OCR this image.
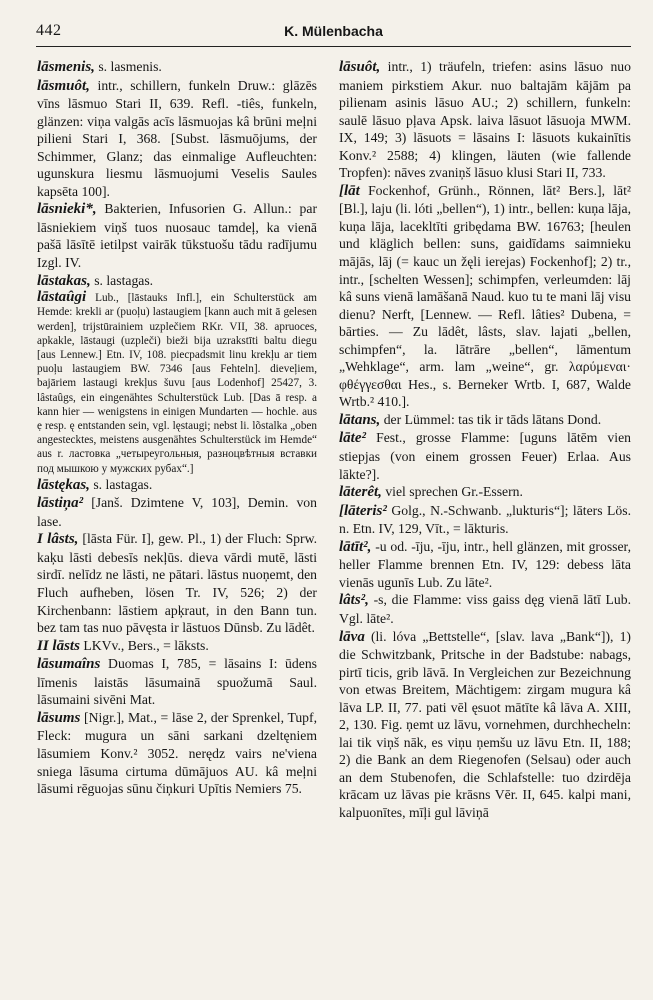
442	K. Mülenbacha

lāsmenis, s. lasmenis.

lāsmuôt, intr., schillern, funkeln Druw.: glāzēs vīns lāsmuo Stari II, 639. Refl. -tiês, funkeln, glänzen: viņa valgās acīs lāsmuojas kâ brūni meļni pilieni Stari I, 368. [Subst. lāsmuōjums, der Schimmer, Glanz; das einmalige Aufleuchten: ugunskura liesmu lāsmuojumi Veselis Saules kapsēta 100].

lāsnieki*, Bakterien, Infusorien G. Allun.: par lāsniekiem viņš tuos nuosauc tamdeļ, ka vienā pašā lāsītē ietilpst vairāk tūkstuošu tādu radījumu Izgl. IV.

lāstakas, s. lastagas.

lāstaûgi Lub., [lāstauks Infl.], ein Schulterstück am Hemde: krekli ar (puoļu) lastaugiem [kann auch mit ā gelesen werden], trijstūrainiem uzplečiem RKr. VII, 38. apruoces, apkakle, lāstaugi (uzpleči) bieži bija uzrakstīti baltu diegu [aus Lennew.] Etn. IV, 108. piecpadsmit linu krekļu ar tiem puoļu lastaugiem BW. 7346 [aus Fehteln]. dieveļiem, bajāriem lastaugi krekļus šuvu [aus Lodenhof] 25427, 3. lâstaûgs, ein eingenähtes Schulterstück Lub. [Das ā resp. a kann hier — wenigstens in einigen Mundarten — hochle. aus ẹ resp. ę entstanden sein, vgl. lęstaugi; nebst li. lõstalka „oben angestecktes, meistens ausgenähtes Schulterstück im Hemde“ aus r. ластовка „четыреугольныя, разноцвѣтныя вставки под мышкою у мужских рубах“.]

lāstękas, s. lastagas.

lāstiņa² [Janš. Dzimtene V, 103], Demin. von lase.

I lâsts, [lāsta Für. I], gew. Pl., 1) der Fluch: Sprw. kaķu lāsti debesīs nekļūs. dieva vārdi mutē, lāsti sirdī. nelīdz ne lāsti, ne pātari. lāstus nuoņemt, den Fluch aufheben, lösen Tr. IV, 526; 2) der Kirchenbann: lāstiem apķraut, in den Bann tun. bez tam tas nuo pāvęsta ir lāstuos Dūnsb. Zu lādêt.

II lāsts LKVv., Bers., = lāksts.

lāsumaîns Duomas I, 785, = lāsains I: ūdens līmenis laistās lāsumainā spuožumā Saul. lāsumaini sivēni Mat.

lāsums [Nigr.], Mat., = lāse 2, der Sprenkel, Tupf, Fleck: mugura un sāni sarkani dzeltęniem lāsumiem Konv.² 3052. nerędz vairs ne'viena sniega lāsuma cirtuma dūmājuos AU. kâ meļni lāsumi rēguojas sūnu čiņkuri Upītis Nemiers 75.

lāsuôt, intr., 1) träufeln, triefen: asins lāsuo nuo maniem pirkstiem Akur. nuo baltajām kājām pa pilienam asinis lāsuo AU.; 2) schillern, funkeln: saulē lāsuo pļava Apsk. laiva lāsuot lāsuoja MWM. IX, 149; 3) lāsuots = lāsains I: lāsuots kukainītis Konv.² 2588; 4) klingen, läuten (wie fallende Tropfen): nāves zvaniņš lāsuo klusi Stari II, 733.

[lāt Fockenhof, Grünh., Rönnen, lāt² Bers.], lāt² [Bl.], laju (li. lóti „bellen“), 1) intr., bellen: kuņa lāja, kuņa lāja, lacekltīti gribędama BW. 16763; [heulen und kläglich bellen: suns, gaidīdams saimnieku mājās, lāj (= kauc un žęli ierejas) Fockenhof]; 2) tr., intr., [schelten Wessen]; schimpfen, verleumden: lāj kâ suns vienā lamāšanā Naud. kuo tu te mani lāj visu dienu? Nerft, [Lennew. — Refl. lâties² Dubena, = bārties. — Zu lādêt, lâsts, slav. lajati „bellen, schimpfen“, la. lātrāre „bellen“, lāmentum „Wehklage“, arm. lam „weine“, gr. λαρύμεναι· φθέγγεσθαι Hes., s. Berneker Wrtb. I, 687, Walde Wrtb.² 410.].

lātans, der Lümmel: tas tik ir tāds lātans Dond.

lāte² Fest., grosse Flamme: [uguns lātēm vien stiepjas (von einem grossen Feuer) Erlaa. Aus lākte?].

lāterêt, viel sprechen Gr.-Essern.

[lāteris² Golg., N.-Schwanb. „lukturis“]; lāters Lös. n. Etn. IV, 129, Vīt., = lākturis.

lātīt², -u od. -īju, -īju, intr., hell glänzen, mit grosser, heller Flamme brennen Etn. IV, 129: debess lāta vienās ugunīs Lub. Zu lāte².

lâts², -s, die Flamme: viss gaiss dęg vienā lātī Lub. Vgl. lāte².

lāva (li. lóva „Bettstelle“, [slav. lava „Bank“]), 1) die Schwitzbank, Pritsche in der Badstube: nabags, pirtī ticis, grib lāvā. In Vergleichen zur Bezeichnung von etwas Breitem, Mächtigem: zirgam mugura kâ lāva LP. II, 77. pati vēl ęsuot mātīte kâ lāva A. XIII, 2, 130. Fig. ņemt uz lāvu, vornehmen, durchhecheln: lai tik viņš nāk, es viņu ņemšu uz lāvu Etn. II, 188; 2) die Bank an dem Riegenofen (Selsau) oder auch an dem Stubenofen, die Schlafstelle: tuo dzirdēja krācam uz lāvas pie krāsns Vēr. II, 645. kalpi mani, kalpuonītes, mīļi gul lāviņā
